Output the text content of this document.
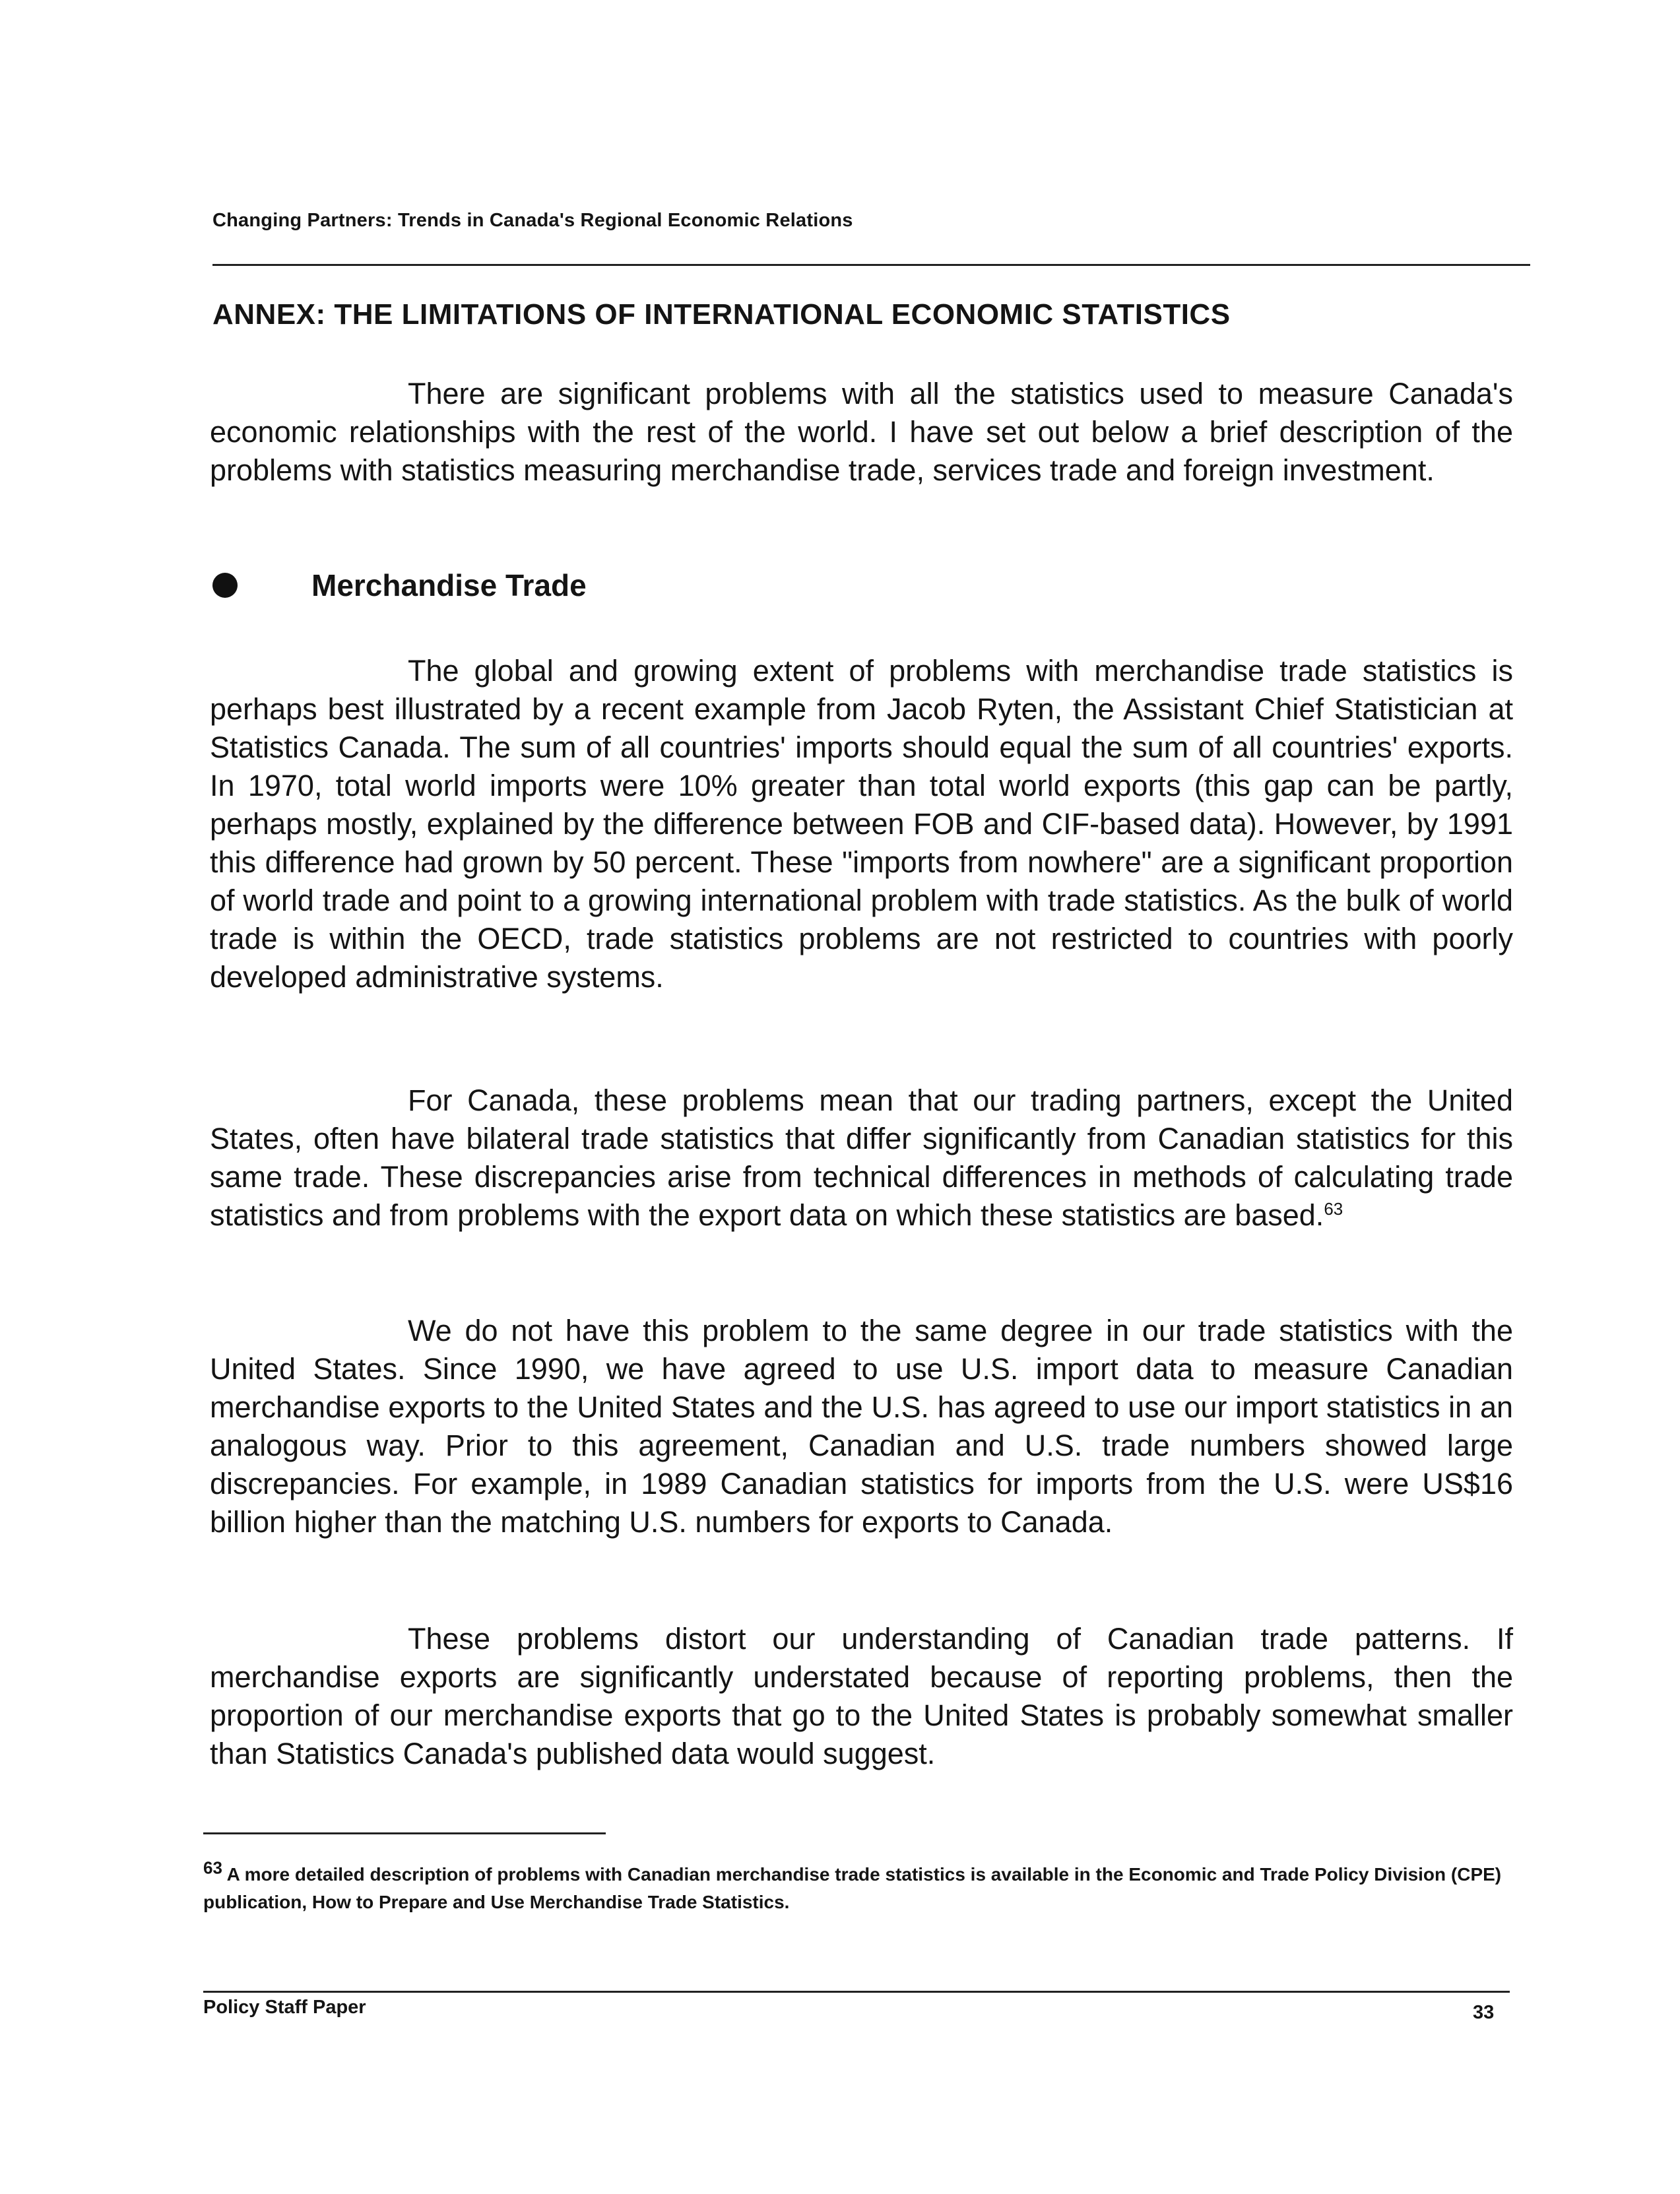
Changing Partners: Trends in Canada's Regional Economic Relations
ANNEX: THE LIMITATIONS OF INTERNATIONAL ECONOMIC STATISTICS

There are significant problems with all the statistics used to measure Canada's economic relationships with the rest of the world. I have set out below a brief description of the problems with statistics measuring merchandise trade, services trade and foreign investment.

Merchandise Trade

The global and growing extent of problems with merchandise trade statistics is perhaps best illustrated by a recent example from Jacob Ryten, the Assistant Chief Statistician at Statistics Canada. The sum of all countries' imports should equal the sum of all countries' exports. In 1970, total world imports were 10% greater than total world exports (this gap can be partly, perhaps mostly, explained by the difference between FOB and CIF-based data). However, by 1991 this difference had grown by 50 percent. These "imports from nowhere" are a significant proportion of world trade and point to a growing international problem with trade statistics. As the bulk of world trade is within the OECD, trade statistics problems are not restricted to countries with poorly developed administrative systems.

For Canada, these problems mean that our trading partners, except the United States, often have bilateral trade statistics that differ significantly from Canadian statistics for this same trade. These discrepancies arise from technical differences in methods of calculating trade statistics and from problems with the export data on which these statistics are based.$^{63}$

We do not have this problem to the same degree in our trade statistics with the United States. Since 1990, we have agreed to use U.S. import data to measure Canadian merchandise exports to the United States and the U.S. has agreed to use our import statistics in an analogous way. Prior to this agreement, Canadian and U.S. trade numbers showed large discrepancies. For example, in 1989 Canadian statistics for imports from the U.S. were US$16 billion higher than the matching U.S. numbers for exports to Canada.

These problems distort our understanding of Canadian trade patterns. If merchandise exports are significantly understated because of reporting problems, then the proportion of our merchandise exports that go to the United States is probably somewhat smaller than Statistics Canada's published data would suggest.

$^{63}$ A more detailed description of problems with Canadian merchandise trade statistics is available in the Economic and Trade Policy Division (CPE) publication, How to Prepare and Use Merchandise Trade Statistics.

Policy Staff Paper	33
